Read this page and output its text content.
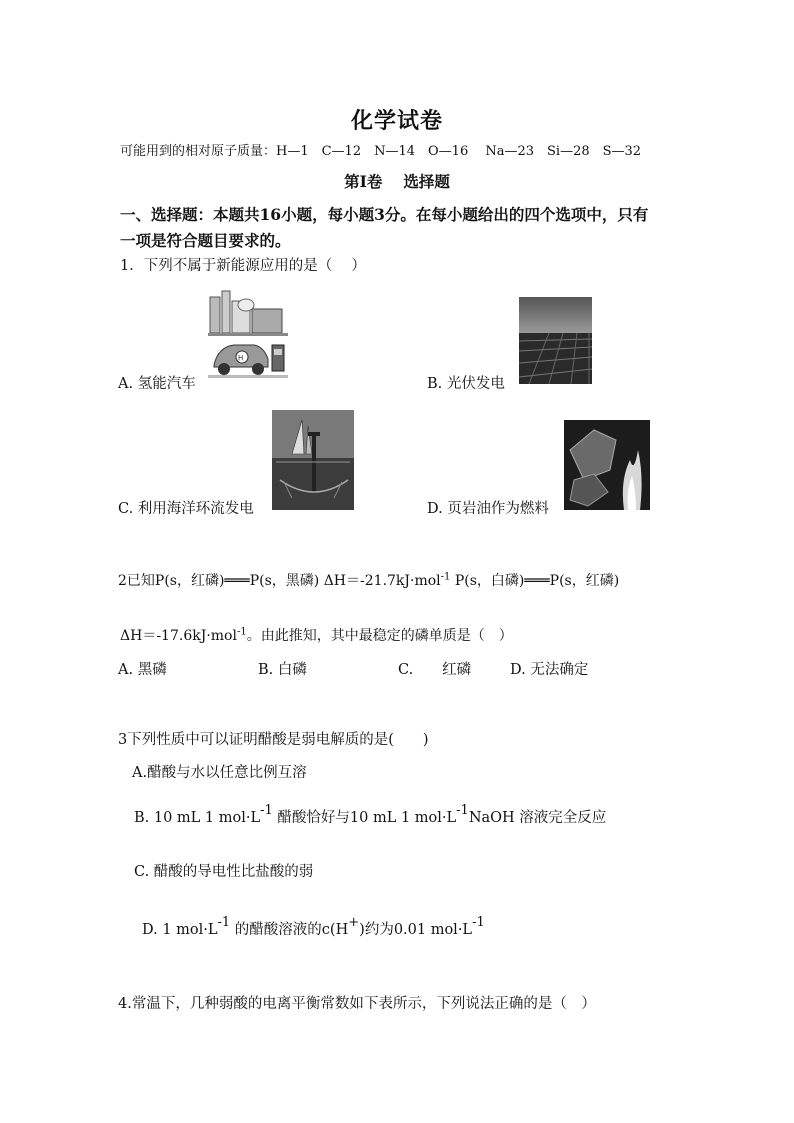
化学试卷
可能用到的相对原子质量：H—1　C—12　N—14　O—16　 Na—23　Si—28　S—32
第Ⅰ卷　 选择题
一、选择题：本题共16小题，每小题3分。在每小题给出的四个选项中，只有
一项是符合题目要求的。
1．下列不属于新能源应用的是（　 ）
H
A. 氢能汽车	B. 光伏发电
C. 利用海洋环流发电	D. 页岩油作为燃料
2已知P(s，红磷)═══P(s，黑磷) ΔH＝-21.7kJ·mol$^{-1}$ P(s，白磷)═══P(s，红磷)
ΔH＝-17.6kJ·mol$^{-1}$。由此推知，其中最稳定的磷单质是（　）
A. 黑磷	B. 白磷	C.　　红磷	D. 无法确定
3下列性质中可以证明醋酸是弱电解质的是(　　)
A.醋酸与水以任意比例互溶
B. 10 mL 1 mol·L-1 醋酸恰好与10 mL 1 mol·L-1NaOH 溶液完全反应
C. 醋酸的导电性比盐酸的弱
D. 1 mol·L-1 的醋酸溶液的c(H+)约为0.01 mol·L-1
4.常温下，几种弱酸的电离平衡常数如下表所示，下列说法正确的是（　）
